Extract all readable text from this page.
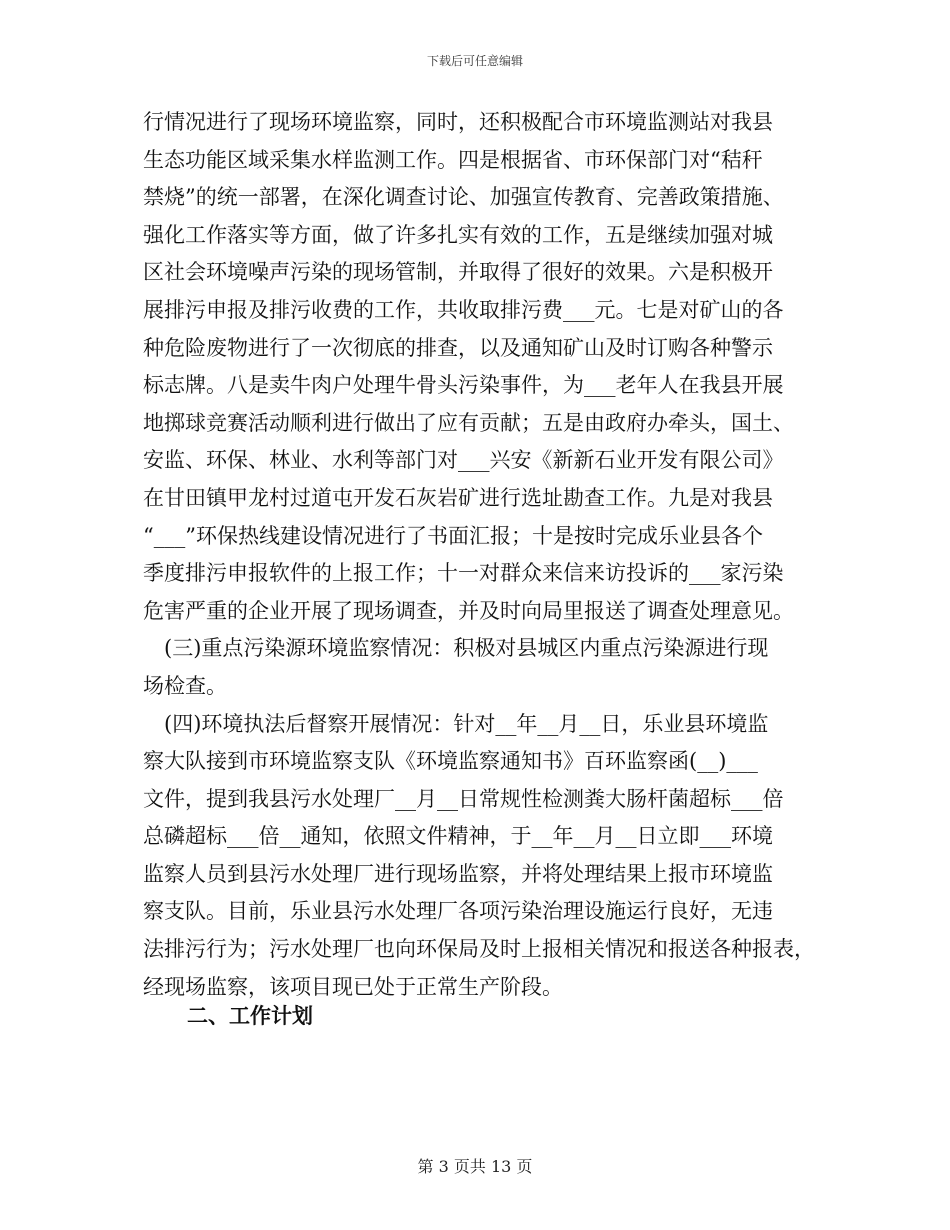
下载后可任意编辑
行情况进行了现场环境监察，同时，还积极配合市环境监测站对我县
生态功能区域采集水样监测工作。四是根据省、市环保部门对“秸秆
禁烧”的统一部署，在深化调查讨论、加强宣传教育、完善政策措施、
强化工作落实等方面，做了许多扎实有效的工作，五是继续加强对城
区社会环境噪声污染的现场管制，并取得了很好的效果。六是积极开
展排污申报及排污收费的工作，共收取排污费___元。七是对矿山的各
种危险废物进行了一次彻底的排查，以及通知矿山及时订购各种警示
标志牌。八是卖牛肉户处理牛骨头污染事件，为___老年人在我县开展
地掷球竞赛活动顺利进行做出了应有贡献；五是由政府办牵头，国土、
安监、环保、林业、水利等部门对___兴安《新新石业开发有限公司》
在甘田镇甲龙村过道屯开发石灰岩矿进行选址勘查工作。九是对我县
“___”环保热线建设情况进行了书面汇报；十是按时完成乐业县各个
季度排污申报软件的上报工作；十一对群众来信来访投诉的___家污染
危害严重的企业开展了现场调查，并及时向局里报送了调查处理意见。
　(三)重点污染源环境监察情况：积极对县城区内重点污染源进行现
场检查。
　(四)环境执法后督察开展情况：针对__年__月__日，乐业县环境监
察大队接到市环境监察支队《环境监察通知书》百环监察函(__)___
文件，提到我县污水处理厂__月__日常规性检测粪大肠杆菌超标___倍
总磷超标___倍__通知，依照文件精神，于__年__月__日立即___环境
监察人员到县污水处理厂进行现场监察，并将处理结果上报市环境监
察支队。目前，乐业县污水处理厂各项污染治理设施运行良好，无违
法排污行为；污水处理厂也向环保局及时上报相关情况和报送各种报表，
经现场监察，该项目现已处于正常生产阶段。
二、工作计划
第 3 页共 13 页
